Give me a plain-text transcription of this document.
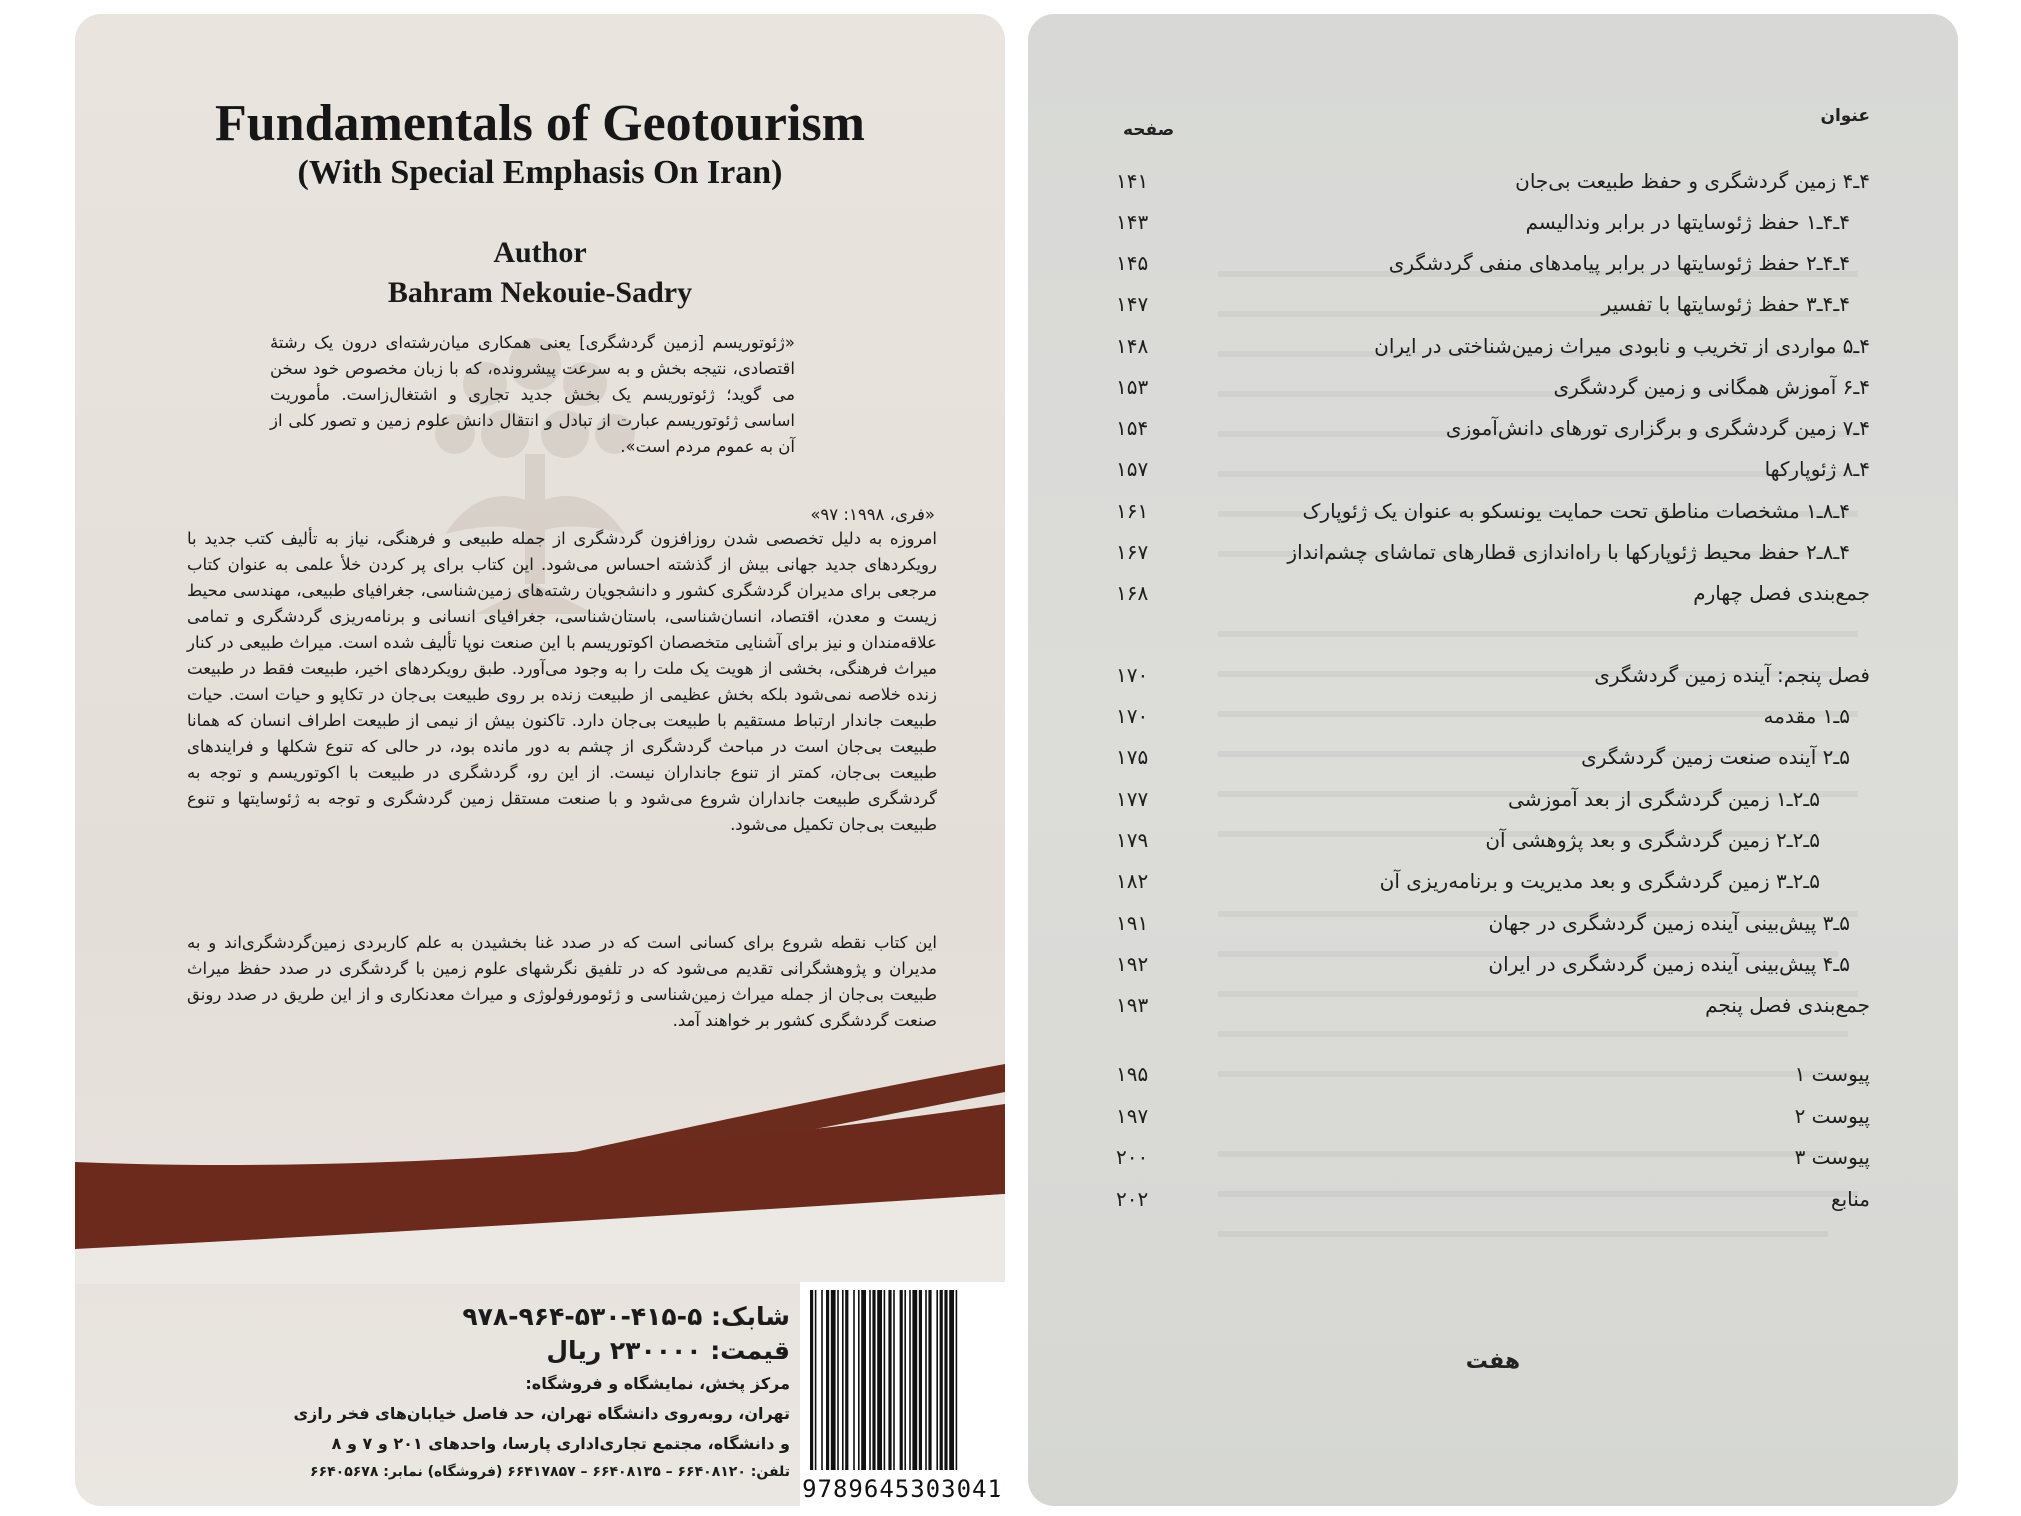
Fundamentals of Geotourism
(With Special Emphasis On Iran)
Author
Bahram Nekouie-Sadry
«ژئوتوریسم [زمین گردشگری] یعنی همکاری میان‌رشته‌ای درون یک رشتهٔ اقتصادی، نتیجه بخش و به سرعت پیشرونده، که با زبان مخصوص خود سخن می گوید؛ ژئوتوریسم یک بخش جدید تجاری و اشتغال‌زاست. مأموریت اساسی ژئوتوریسم عبارت از تبادل و انتقال دانش علوم زمین و تصور کلی از آن به عموم مردم است».
«فری، ۱۹۹۸: ۹۷»
امروزه به دلیل تخصصی شدن روزافزون گردشگری از جمله طبیعی و فرهنگی، نیاز به تألیف کتب جدید با رویکردهای جدید جهانی بیش از گذشته احساس می‌شود. این کتاب برای پر کردن خلأ علمی به عنوان کتاب مرجعی برای مدیران گردشگری کشور و دانشجویان رشته‌های زمین‌شناسی، جغرافیای طبیعی، مهندسی محیط زیست و معدن، اقتصاد، انسان‌شناسی، باستان‌شناسی، جغرافیای انسانی و برنامه‌ریزی گردشگری و تمامی علاقه‌مندان و نیز برای آشنایی متخصصان اکوتوریسم با این صنعت نوپا تألیف شده است. میراث طبیعی در کنار میراث فرهنگی، بخشی از هویت یک ملت را به وجود می‌آورد. طبق رویکردهای اخیر، طبیعت فقط در طبیعت زنده خلاصه نمی‌شود بلکه بخش عظیمی از طبیعت زنده بر روی طبیعت بی‌جان در تکاپو و حیات است. حیات طبیعت جاندار ارتباط مستقیم با طبیعت بی‌جان دارد. تاکنون بیش از نیمی از طبیعت اطراف انسان که همانا طبیعت بی‌جان است در مباحث گردشگری از چشم به دور مانده بود، در حالی که تنوع شکلها و فرایندهای طبیعت بی‌جان، کمتر از تنوع جانداران نیست. از این رو، گردشگری در طبیعت با اکوتوریسم و توجه به گردشگری طبیعت جانداران شروع می‌شود و با صنعت مستقل زمین گردشگری و توجه به ژئوسایتها و تنوع طبیعت بی‌جان تکمیل می‌شود.
این کتاب نقطه شروع برای کسانی است که در صدد غنا بخشیدن به علم کاربردی زمین‌گردشگری‌اند و به مدیران و پژوهشگرانی تقدیم می‌شود که در تلفیق نگرشهای علوم زمین با گردشگری در صدد حفظ میراث طبیعت بی‌جان از جمله میراث زمین‌شناسی و ژئومورفولوژی و میراث معدنکاری و از این طریق در صدد رونق صنعت گردشگری کشور بر خواهند آمد.
شابک: ۵-۴۱۵-۵۳۰-۹۶۴-۹۷۸
قیمت: ۲۳۰۰۰۰ ریال
مرکز پخش، نمایشگاه و فروشگاه:
تهران، روبه‌روی دانشگاه تهران، حد فاصل خیابان‌های فخر رازی
و دانشگاه، مجتمع تجاری‌اداری پارسا، واحدهای ۲۰۱ و ۷ و ۸
تلفن: ۶۶۴۰۸۱۲۰ – ۶۶۴۰۸۱۳۵ – ۶۶۴۱۷۸۵۷ (فروشگاه) نمابر: ۶۶۴۰۵۶۷۸
9789645303041
عنوان
صفحه
۴ـ۴ زمین گردشگری و حفظ طبیعت بی‌جان
۱۴۱
۴ـ۴ـ۱ حفظ ژئوسایتها در برابر وندالیسم
۱۴۳
۴ـ۴ـ۲ حفظ ژئوسایتها در برابر پیامدهای منفی گردشگری
۱۴۵
۴ـ۴ـ۳ حفظ ژئوسایتها با تفسیر
۱۴۷
۴ـ۵ مواردی از تخریب و نابودی میراث زمین‌شناختی در ایران
۱۴۸
۴ـ۶ آموزش همگانی و زمین گردشگری
۱۵۳
۴ـ۷ زمین گردشگری و برگزاری تورهای دانش‌آموزی
۱۵۴
۴ـ۸ ژئوپارکها
۱۵۷
۴ـ۸ـ۱ مشخصات مناطق تحت حمایت یونسکو به عنوان یک ژئوپارک
۱۶۱
۴ـ۸ـ۲ حفظ محیط ژئوپارکها با راه‌اندازی قطارهای تماشای چشم‌انداز
۱۶۷
جمع‌بندی فصل چهارم
۱۶۸
فصل پنجم: آینده زمین گردشگری
۱۷۰
۵ـ۱ مقدمه
۱۷۰
۵ـ۲ آینده صنعت زمین گردشگری
۱۷۵
۵ـ۲ـ۱ زمین گردشگری از بعد آموزشی
۱۷۷
۵ـ۲ـ۲ زمین گردشگری و بعد پژوهشی آن
۱۷۹
۵ـ۲ـ۳ زمین گردشگری و بعد مدیریت و برنامه‌ریزی آن
۱۸۲
۵ـ۳ پیش‌بینی آینده زمین گردشگری در جهان
۱۹۱
۵ـ۴ پیش‌بینی آینده زمین گردشگری در ایران
۱۹۲
جمع‌بندی فصل پنجم
۱۹۳
پیوست ۱
۱۹۵
پیوست ۲
۱۹۷
پیوست ۳
۲۰۰
منابع
۲۰۲
هفت
